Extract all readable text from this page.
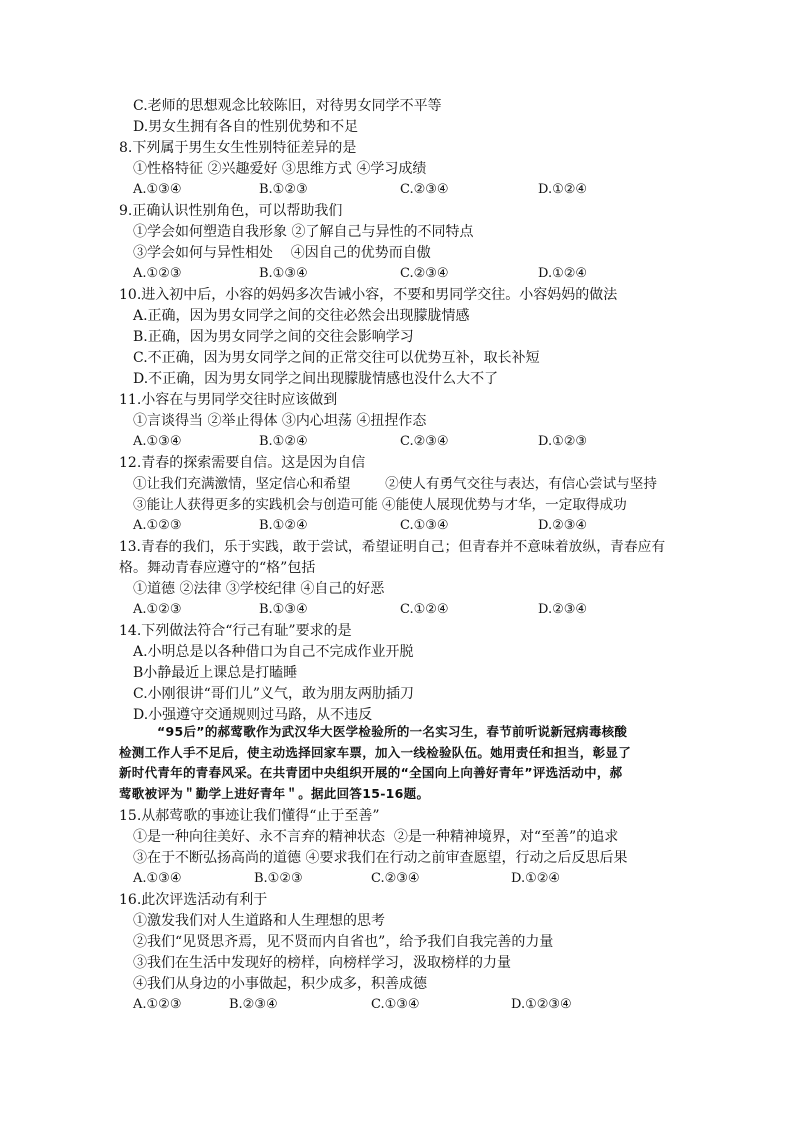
C.老师的思想观念比较陈旧，对待男女同学不平等
D.男女生拥有各自的性别优势和不足
8.下列属于男生女生性别特征差异的是
①性格特征 ②兴趣爱好 ③思维方式 ④学习成绩
A.①③④	B.①②③	C.②③④	D.①②④
9.正确认识性别角色，可以帮助我们
①学会如何塑造自我形象 ②了解自己与异性的不同特点
③学会如何与异性相处    ④因自己的优势而自傲
A.①②③	B.①③④	C.②③④	D.①②④
10.进入初中后，小容的妈妈多次告诫小容，不要和男同学交往。小容妈妈的做法
A.正确，因为男女同学之间的交往必然会出现朦胧情感
B.正确，因为男女同学之间的交往会影响学习
C.不正确，因为男女同学之间的正常交往可以优势互补，取长补短
D.不正确，因为男女同学之间出现朦胧情感也没什么大不了
11.小容在与男同学交往时应该做到
①言谈得当 ②举止得体 ③内心坦荡 ④扭捏作态
A.①③④	B.①②④	C.②③④	D.①②③
12.青春的探索需要自信。这是因为自信
①让我们充满激情，坚定信心和希望        ②使人有勇气交往与表达，有信心尝试与坚持
③能让人获得更多的实践机会与创造可能 ④能使人展现优势与才华，一定取得成功
A.①②③	B.①②④	C.①③④	D.②③④
13.青春的我们，乐于实践，敢于尝试，希望证明自己；但青春并不意味着放纵，青春应有
格。舞动青春应遵守的“格”包括
①道德 ②法律 ③学校纪律 ④自己的好恶
A.①②③	B.①③④	C.①②④	D.②③④
14.下列做法符合“行己有耻”要求的是
A.小明总是以各种借口为自己不完成作业开脱
B小静最近上课总是打瞌睡
C.小刚很讲“哥们儿”义气，敢为朋友两肋插刀
D.小强遵守交通规则过马路，从不违反

“95后”的郝莺歌作为武汉华大医学检验所的一名实习生，春节前听说新冠病毒核酸

检测工作人手不足后，使主动选择回家车票，加入一线检验队伍。她用责任和担当，彰显了

新时代青年的青春风采。在共青团中央组织开展的“全国向上向善好青年”评选活动中，郝

莺歌被评为＂勤学上进好青年＂。据此回答15-16题。

15.从郝莺歌的事迹让我们懂得“止于至善”
①是一种向往美好、永不言弃的精神状态  ②是一种精神境界，对“至善”的追求
③在于不断弘扬高尚的道德 ④要求我们在行动之前审查愿望，行动之后反思后果
A.①③④	B.①②③	C.②③④	D.①②④
16.此次评选活动有利于
①激发我们对人生道路和人生理想的思考
②我们“见贤思齐焉，见不贤而内自省也”，给予我们自我完善的力量
③我们在生活中发现好的榜样，向榜样学习，汲取榜样的力量
④我们从身边的小事做起，积少成多，积善成德
A.①②③	B.②③④	C.①③④	D.①②③④
